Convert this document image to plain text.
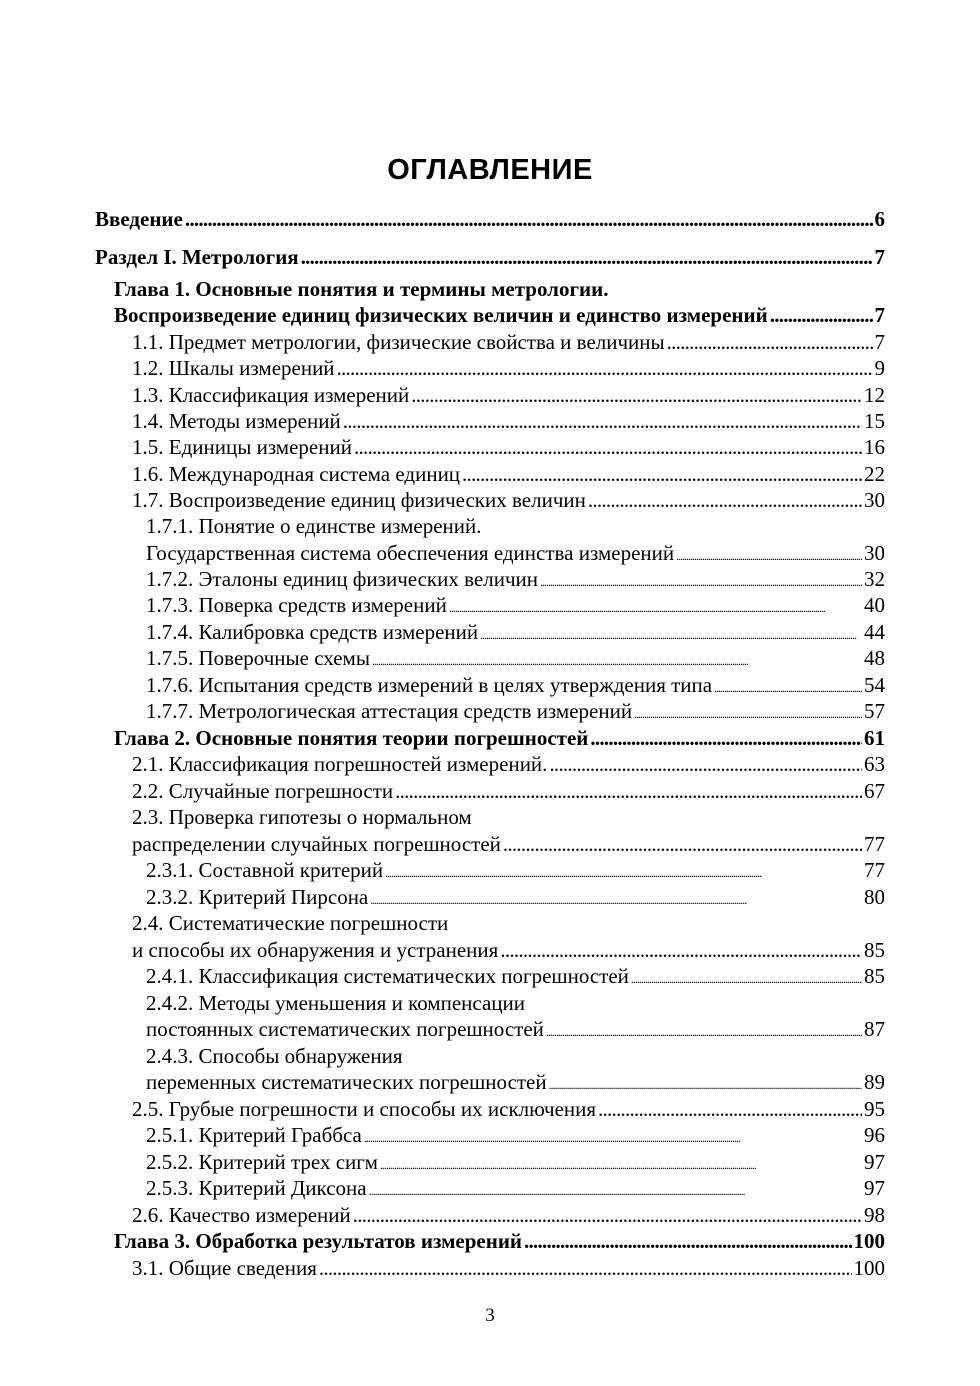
ОГЛАВЛЕНИЕ
Введение . . .	6
Раздел I. Метрология . . .	7
Глава 1. Основные понятия и термины метрологии.
Воспроизведение единиц физических величин и единство измерений . . .	7
1.1. Предмет метрологии, физические свойства и величины . . .	7
1.2. Шкалы измерений . . .	9
1.3. Классификация измерений . . .	12
1.4. Методы измерений . . .	15
1.5. Единицы измерений . . .	16
1.6. Международная система единиц . . .	22
1.7. Воспроизведение единиц физических величин . . .	30
1.7.1. Понятие о единстве измерений.
Государственная система обеспечения единства измерений . . .	30
1.7.2. Эталоны единиц физических величин . . .	32
1.7.3. Поверка средств измерений . . .	40
1.7.4. Калибровка средств измерений . . .	44
1.7.5. Поверочные схемы . . .	48
1.7.6. Испытания средств измерений в целях утверждения типа . . .	54
1.7.7. Метрологическая аттестация средств измерений . . .	57
Глава 2. Основные понятия теории погрешностей . . .	61
2.1. Классификация погрешностей измерений. . . .	63
2.2. Случайные погрешности . . .	67
2.3. Проверка гипотезы о нормальном
распределении случайных погрешностей . . .	77
2.3.1. Составной критерий . . .	77
2.3.2. Критерий Пирсона . . .	80
2.4. Систематические погрешности
и способы их обнаружения и устранения . . .	85
2.4.1. Классификация систематических погрешностей . . .	85
2.4.2. Методы уменьшения и компенсации
постоянных систематических погрешностей . . .	87
2.4.3. Способы обнаружения
переменных систематических погрешностей . . .	89
2.5. Грубые погрешности и способы их исключения . . .	95
2.5.1. Критерий Граббса . . .	96
2.5.2. Критерий трех сигм . . .	97
2.5.3. Критерий Диксона . . .	97
2.6. Качество измерений . . .	98
Глава 3. Обработка результатов измерений . . .	100
3.1. Общие сведения . . .	100
3
